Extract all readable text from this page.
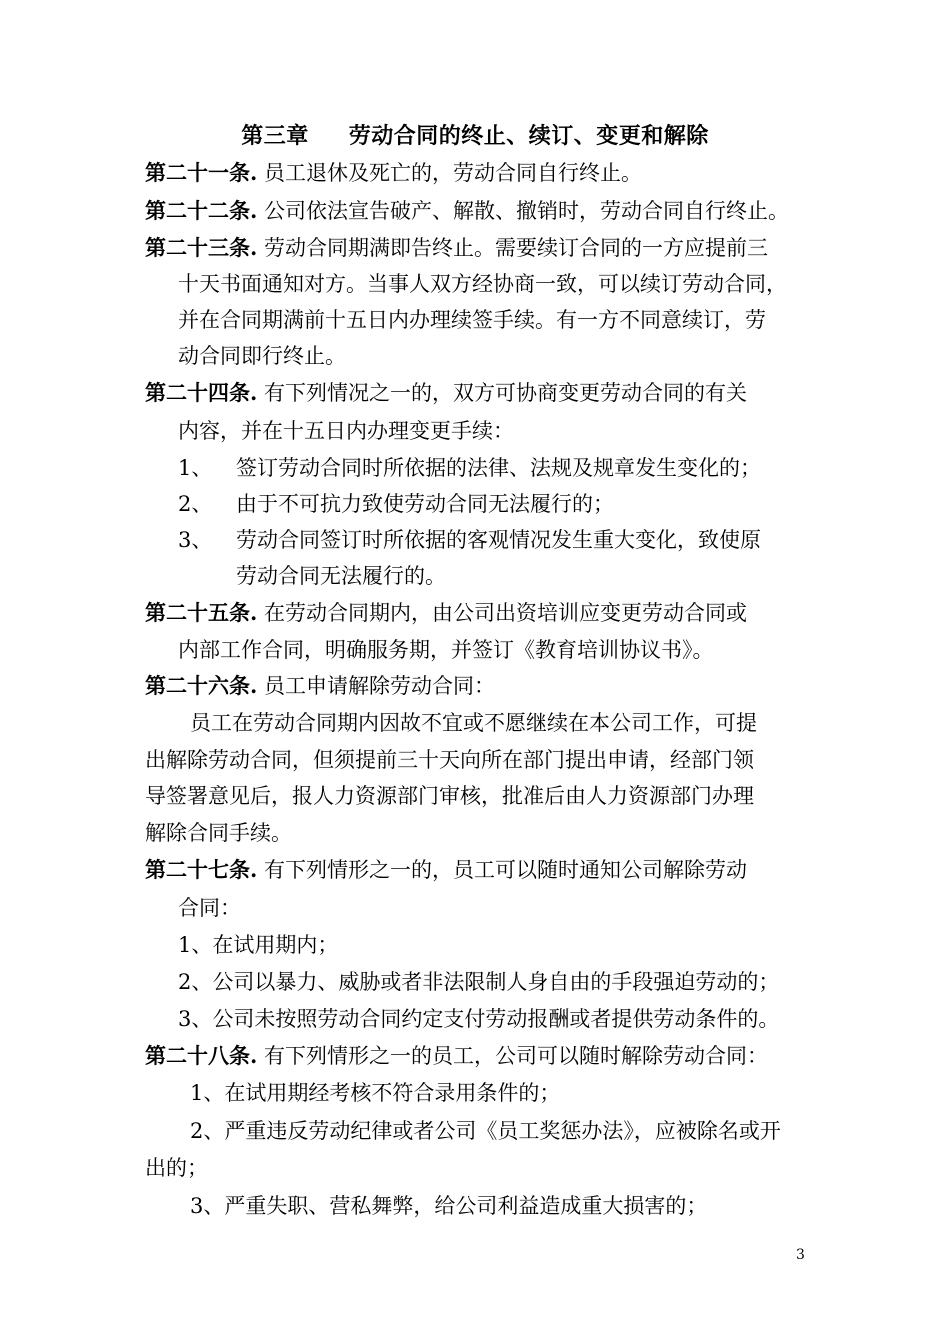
第三章 劳动合同的终止、续订、变更和解除
第二十一条. 员工退休及死亡的，劳动合同自行终止。
第二十二条. 公司依法宣告破产、解散、撤销时，劳动合同自行终止。
第二十三条. 劳动合同期满即告终止。需要续订合同的一方应提前三
十天书面通知对方。当事人双方经协商一致，可以续订劳动合同，
并在合同期满前十五日内办理续签手续。有一方不同意续订，劳
动合同即行终止。
第二十四条. 有下列情况之一的，双方可协商变更劳动合同的有关
内容，并在十五日内办理变更手续：
1、 签订劳动合同时所依据的法律、法规及规章发生变化的；
2、 由于不可抗力致使劳动合同无法履行的；
3、 劳动合同签订时所依据的客观情况发生重大变化，致使原
劳动合同无法履行的。
第二十五条. 在劳动合同期内，由公司出资培训应变更劳动合同或
内部工作合同，明确服务期，并签订《教育培训协议书》。
第二十六条. 员工申请解除劳动合同：
员工在劳动合同期内因故不宜或不愿继续在本公司工作，可提
出解除劳动合同，但须提前三十天向所在部门提出申请，经部门领
导签署意见后，报人力资源部门审核，批准后由人力资源部门办理
解除合同手续。
第二十七条. 有下列情形之一的，员工可以随时通知公司解除劳动
合同：
1、在试用期内；
2、公司以暴力、威胁或者非法限制人身自由的手段强迫劳动的；
3、公司未按照劳动合同约定支付劳动报酬或者提供劳动条件的。
第二十八条. 有下列情形之一的员工，公司可以随时解除劳动合同：
1、在试用期经考核不符合录用条件的；
2、严重违反劳动纪律或者公司《员工奖惩办法》，应被除名或开
出的；
3、严重失职、营私舞弊，给公司利益造成重大损害的；
3
